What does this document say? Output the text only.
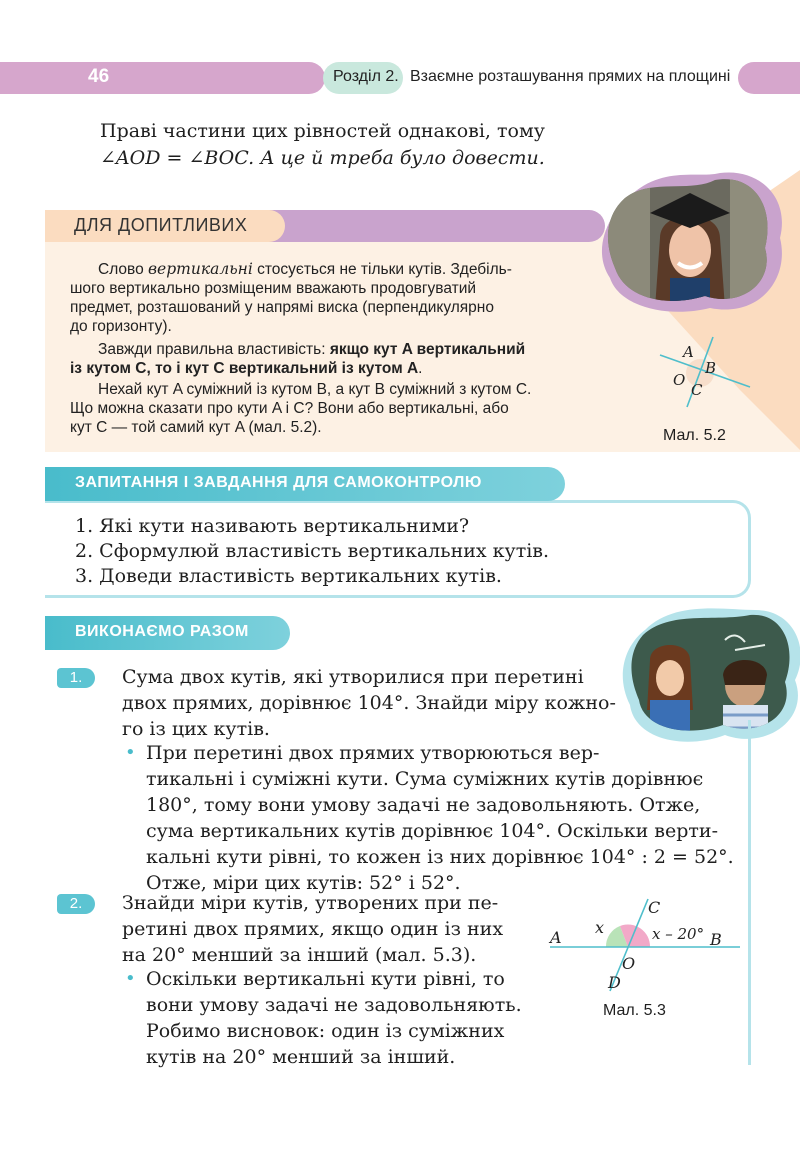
46	Розділ 2. Взаємне розташування прямих на площині
Праві частини цих рівностей однакові, тому
∠AOD = ∠BOC. А це й треба було довести.
ДЛЯ ДОПИТЛИВИХ
Слово вертикальні стосується не тільки кутів. Здебіль-
шого вертикально розміщеним вважають продовгуватий
предмет, розташований у напрямі виска (перпендикулярно
до горизонту).
Завжди правильна властивість: якщо кут A вертикальний
із кутом C, то і кут C вертикальний із кутом A.
Нехай кут A суміжний із кутом B, а кут B суміжний з кутом C.
Що можна сказати про кути A і C? Вони або вертикальні, або
кут C — той самий кут A (мал. 5.2).
A
B
O
C
Мал. 5.2
ЗАПИТАННЯ І ЗАВДАННЯ ДЛЯ САМОКОНТРОЛЮ
1. Які кути називають вертикальними?
2. Сформулюй властивість вертикальних кутів.
3. Доведи властивість вертикальних кутів.
ВИКОНАЄМО РАЗОМ
1.	Сума двох кутів, які утворилися при перетині
двох прямих, дорівнює 104°. Знайди міру кожно-
го із цих кутів.
• При перетині двох прямих утворюються вер-
тикальні і суміжні кути. Сума суміжних кутів дорівнює
180°, тому вони умову задачі не задовольняють. Отже,
сума вертикальних кутів дорівнює 104°. Оскільки верти-
кальні кути рівні, то кожен із них дорівнює 104° : 2 = 52°.
Отже, міри цих кутів: 52° і 52°.
2.	Знайди міри кутів, утворених при пе-
ретині двох прямих, якщо один із них
на 20° менший за інший (мал. 5.3).
• Оскільки вертикальні кути рівні, то
вони умову задачі не задовольняють.
Робимо висновок: один із суміжних
кутів на 20° менший за інший.
A	B
C
D
O
x	x – 20°
Мал. 5.3
